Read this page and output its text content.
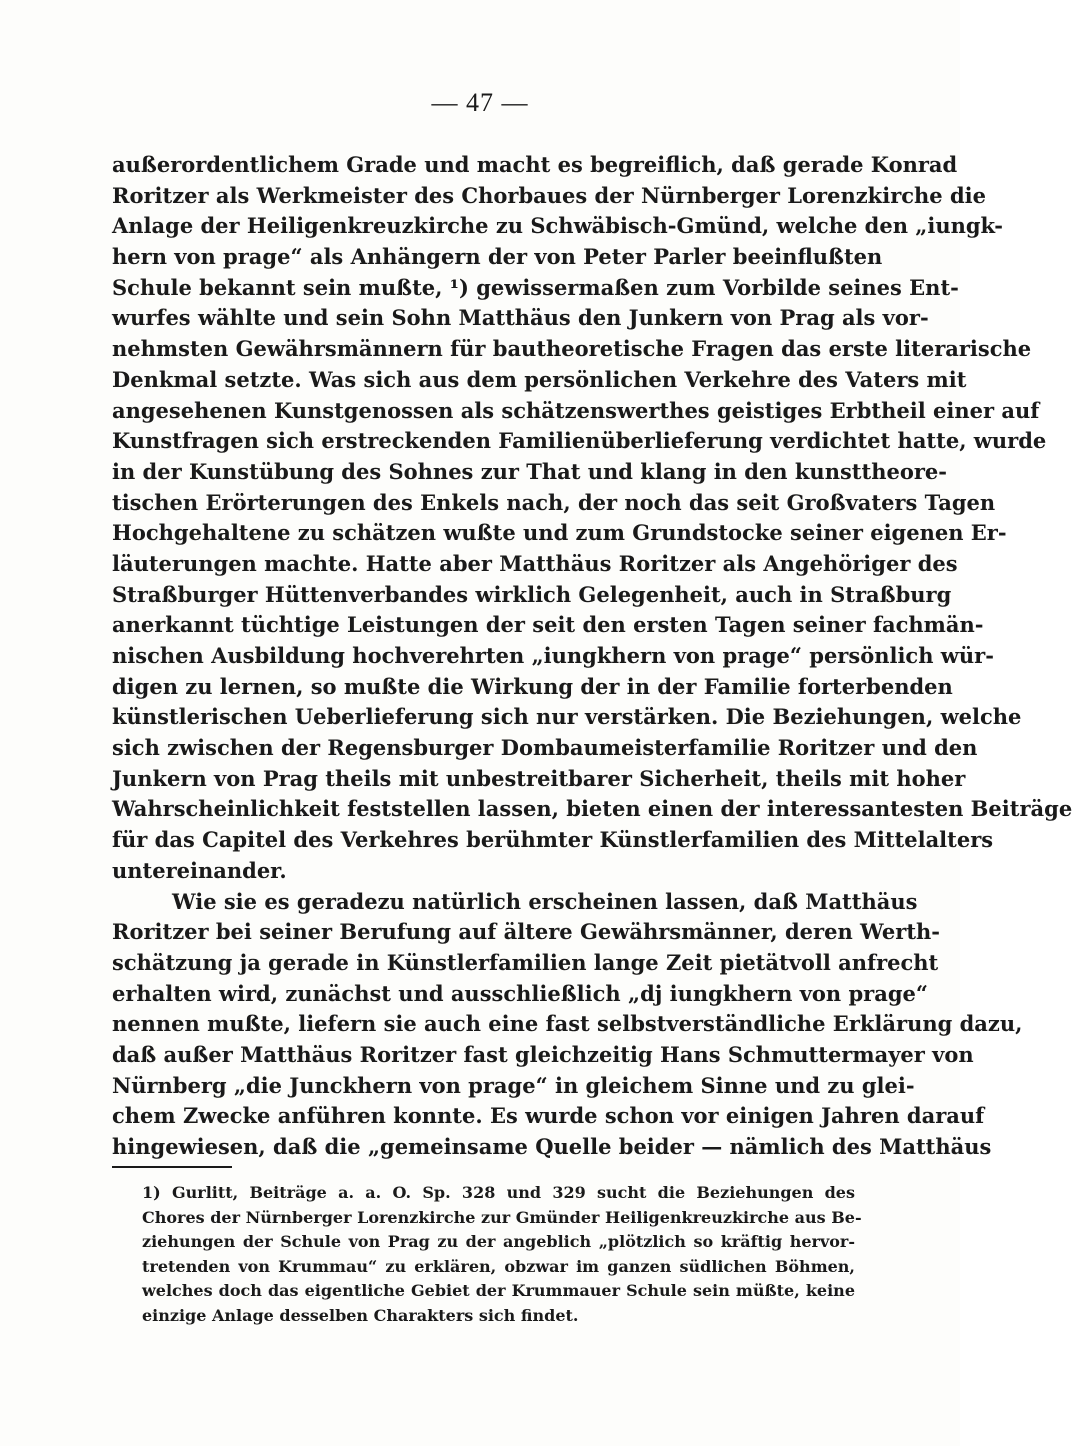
— 47 —
außerordentlichem Grade und macht es begreiflich, daß gerade Konrad
Roritzer als Werkmeister des Chorbaues der Nürnberger Lorenzkirche die
Anlage der Heiligenkreuzkirche zu Schwäbisch-Gmünd, welche den „iungk-
hern von prage“ als Anhängern der von Peter Parler beeinflußten
Schule bekannt sein mußte, ¹) gewissermaßen zum Vorbilde seines Ent-
wurfes wählte und sein Sohn Matthäus den Junkern von Prag als vor-
nehmsten Gewährsmännern für bautheoretische Fragen das erste literarische
Denkmal setzte. Was sich aus dem persönlichen Verkehre des Vaters mit
angesehenen Kunstgenossen als schätzenswerthes geistiges Erbtheil einer auf
Kunstfragen sich erstreckenden Familienüberlieferung verdichtet hatte, wurde
in der Kunstübung des Sohnes zur That und klang in den kunsttheore-
tischen Erörterungen des Enkels nach, der noch das seit Großvaters Tagen
Hochgehaltene zu schätzen wußte und zum Grundstocke seiner eigenen Er-
läuterungen machte. Hatte aber Matthäus Roritzer als Angehöriger des
Straßburger Hüttenverbandes wirklich Gelegenheit, auch in Straßburg
anerkannt tüchtige Leistungen der seit den ersten Tagen seiner fachmän-
nischen Ausbildung hochverehrten „iungkhern von prage“ persönlich wür-
digen zu lernen, so mußte die Wirkung der in der Familie forterbenden
künstlerischen Ueberlieferung sich nur verstärken. Die Beziehungen, welche
sich zwischen der Regensburger Dombaumeisterfamilie Roritzer und den
Junkern von Prag theils mit unbestreitbarer Sicherheit, theils mit hoher
Wahrscheinlichkeit feststellen lassen, bieten einen der interessantesten Beiträge
für das Capitel des Verkehres berühmter Künstlerfamilien des Mittelalters
untereinander.
Wie sie es geradezu natürlich erscheinen lassen, daß Matthäus
Roritzer bei seiner Berufung auf ältere Gewährsmänner, deren Werth-
schätzung ja gerade in Künstlerfamilien lange Zeit pietätvoll anfrecht
erhalten wird, zunächst und ausschließlich „dj iungkhern von prage“
nennen mußte, liefern sie auch eine fast selbstverständliche Erklärung dazu,
daß außer Matthäus Roritzer fast gleichzeitig Hans Schmuttermayer von
Nürnberg „die Junckhern von prage“ in gleichem Sinne und zu glei-
chem Zwecke anführen konnte. Es wurde schon vor einigen Jahren darauf
hingewiesen, daß die „gemeinsame Quelle beider — nämlich des Matthäus
1) Gurlitt, Beiträge a. a. O. Sp. 328 und 329 sucht die Beziehungen des
Chores der Nürnberger Lorenzkirche zur Gmünder Heiligenkreuzkirche aus Be-
ziehungen der Schule von Prag zu der angeblich „plötzlich so kräftig hervor-
tretenden von Krummau“ zu erklären, obzwar im ganzen südlichen Böhmen,
welches doch das eigentliche Gebiet der Krummauer Schule sein müßte, keine
einzige Anlage desselben Charakters sich findet.
